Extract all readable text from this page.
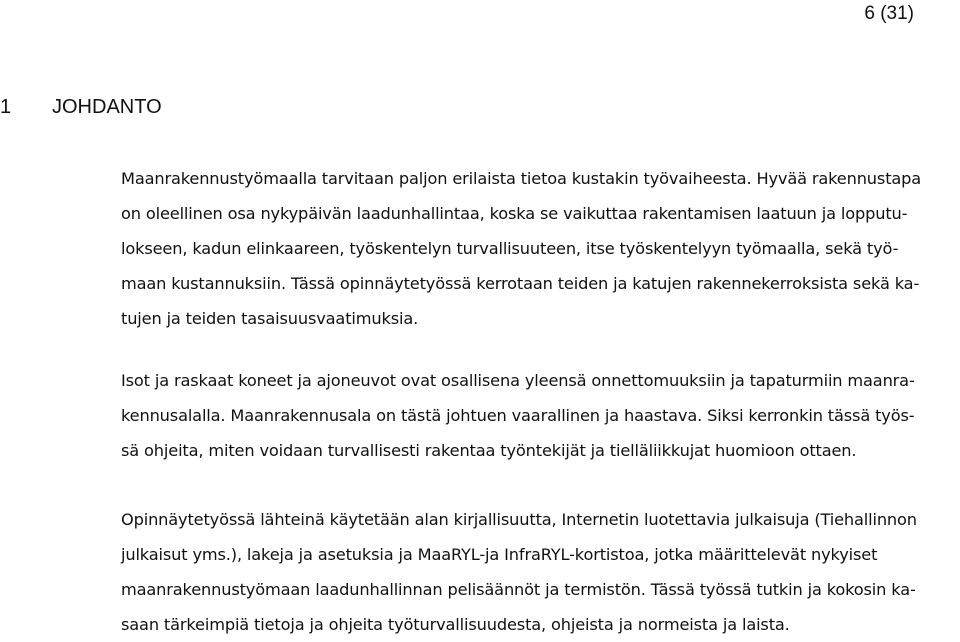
6 (31)
1 JOHDANTO
Maanrakennustyömaalla tarvitaan paljon erilaista tietoa kustakin työvaiheesta. Hyvää rakennustapa
on oleellinen osa nykypäivän laadunhallintaa, koska se vaikuttaa rakentamisen laatuun ja lopputu-
lokseen, kadun elinkaareen, työskentelyn turvallisuuteen, itse työskentelyyn työmaalla, sekä työ-
maan kustannuksiin. Tässä opinnäytetyössä kerrotaan teiden ja katujen rakennekerroksista sekä ka-
tujen ja teiden tasaisuusvaatimuksia.
Isot ja raskaat koneet ja ajoneuvot ovat osallisena yleensä onnettomuuksiin ja tapaturmiin maanra-
kennusalalla. Maanrakennusala on tästä johtuen vaarallinen ja haastava. Siksi kerronkin tässä työs-
sä ohjeita, miten voidaan turvallisesti rakentaa työntekijät ja tielläliikkujat huomioon ottaen.
Opinnäytetyössä lähteinä käytetään alan kirjallisuutta, Internetin luotettavia julkaisuja (Tiehallinnon
julkaisut yms.), lakeja ja asetuksia ja MaaRYL-ja InfraRYL-kortistoa, jotka määrittelevät nykyiset
maanrakennustyömaan laadunhallinnan pelisäännöt ja termistön. Tässä työssä tutkin ja kokosin ka-
saan tärkeimpiä tietoja ja ohjeita työturvallisuudesta, ohjeista ja normeista ja laista.
